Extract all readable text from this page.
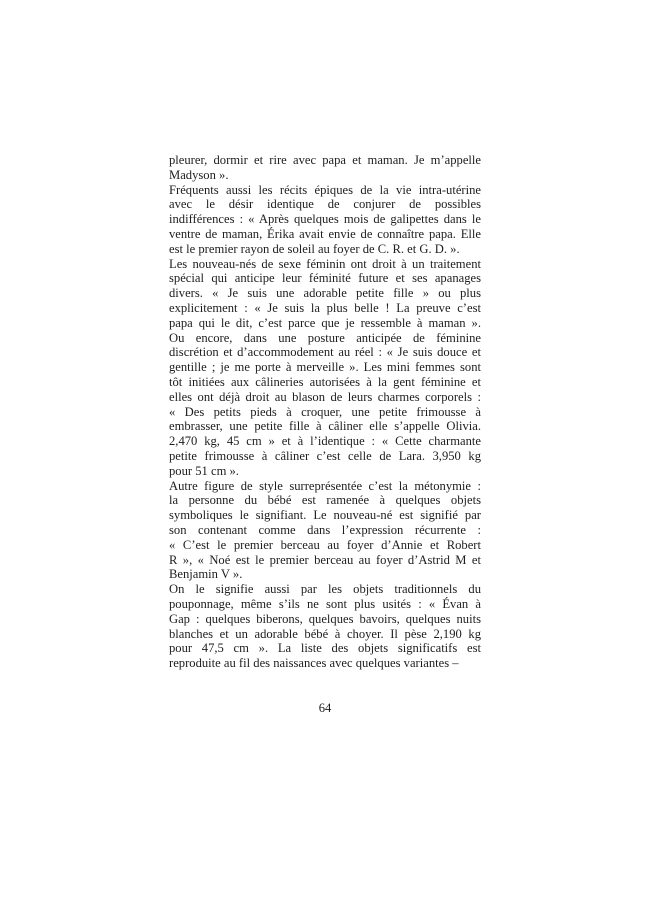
pleurer, dormir et rire avec papa et maman. Je m’appelle
Madyson ».
Fréquents aussi les récits épiques de la vie intra-utérine
avec le désir identique de conjurer de possibles
indifférences : « Après quelques mois de galipettes dans le
ventre de maman, Érika avait envie de connaître papa. Elle
est le premier rayon de soleil au foyer de C. R. et G. D. ».
Les nouveau-nés de sexe féminin ont droit à un traitement
spécial qui anticipe leur féminité future et ses apanages
divers. « Je suis une adorable petite fille » ou plus
explicitement : « Je suis la plus belle ! La preuve c’est
papa qui le dit, c’est parce que je ressemble à maman ».
Ou encore, dans une posture anticipée de féminine
discrétion et d’accommodement au réel : « Je suis douce et
gentille ; je me porte à merveille ». Les mini femmes sont
tôt initiées aux câlineries autorisées à la gent féminine et
elles ont déjà droit au blason de leurs charmes corporels :
« Des petits pieds à croquer, une petite frimousse à
embrasser, une petite fille à câliner elle s’appelle Olivia.
2,470 kg, 45 cm » et à l’identique : « Cette charmante
petite frimousse à câliner c’est celle de Lara. 3,950 kg
pour 51 cm ».
Autre figure de style surreprésentée c’est la métonymie :
la personne du bébé est ramenée à quelques objets
symboliques le signifiant. Le nouveau-né est signifié par
son contenant comme dans l’expression récurrente :
« C’est le premier berceau au foyer d’Annie et Robert
R », « Noé est le premier berceau au foyer d’Astrid M et
Benjamin V ».
On le signifie aussi par les objets traditionnels du
pouponnage, même s’ils ne sont plus usités : « Évan à
Gap : quelques biberons, quelques bavoirs, quelques nuits
blanches et un adorable bébé à choyer. Il pèse 2,190 kg
pour 47,5 cm ». La liste des objets significatifs est
reproduite au fil des naissances avec quelques variantes –
64
